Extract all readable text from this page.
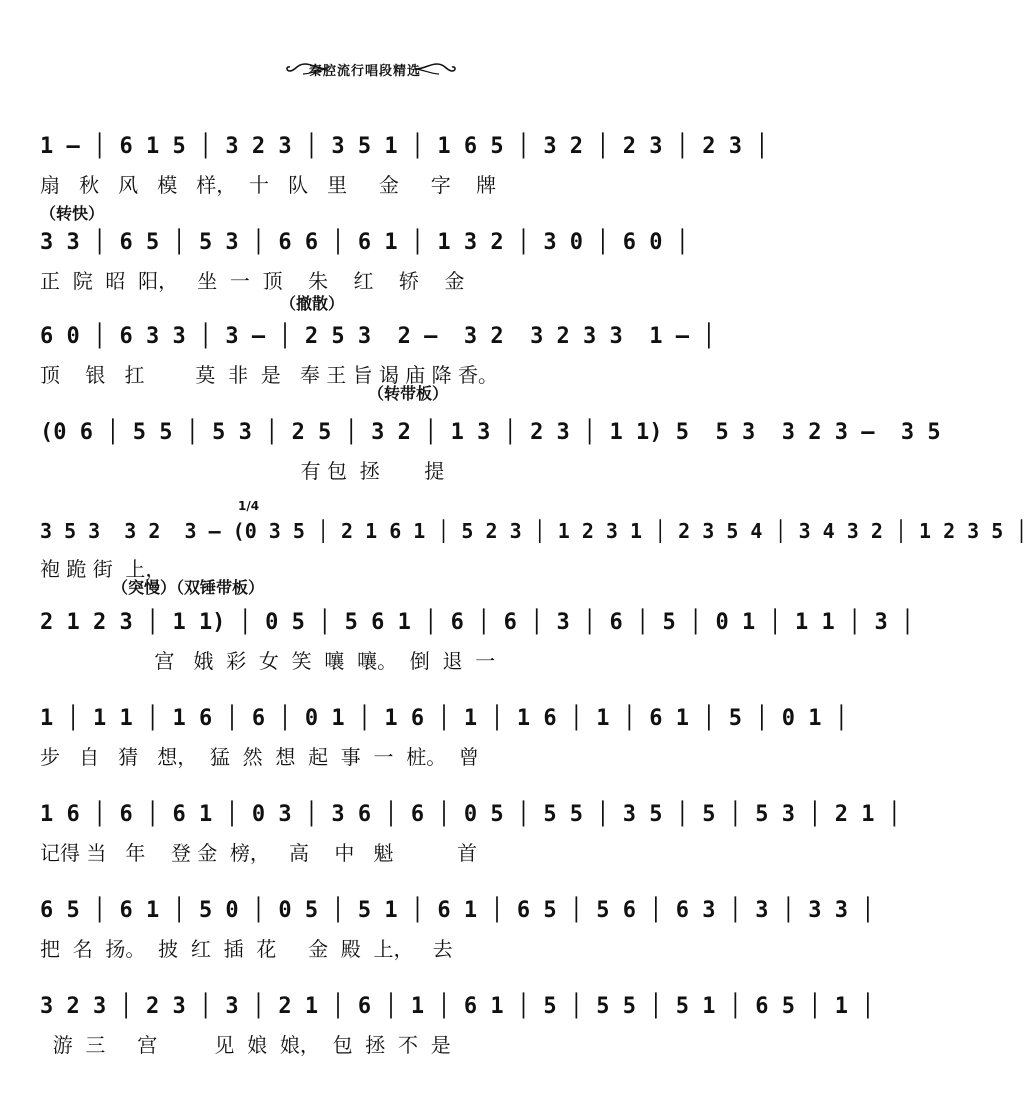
秦腔流行唱段精选
1 – │ 6 1 5 │ 3 2 3 │ 3 5 1 │ 1 6 5 │ 3 2 │ 2 3 │ 2 3 │
扇   秋   风   模   样，  十   队   里     金     字    牌
（转快）
3 3 │ 6 5 │ 5 3 │ 6 6 │ 6 1 │ 1 3 2 │ 3 0 │ 6 0 │
正  院  昭  阳，   坐  一  顶    朱    红    轿    金
（撤散）
6 0 │ 6 3 3 │ 3 – │ 2 5 3  2 –  3 2  3 2 3 3  1 – │
顶    银   扛        莫  非  是   奉 王 旨 谒 庙 降 香。
（转带板）
(0 6 │ 5 5 │ 5 3 │ 2 5 │ 3 2 │ 1 3 │ 2 3 │ 1 1) 5  5 3  3 2 3 –  3 5
有 包  拯       提
1/4
3 5 3  3 2  3 – (0 3 5 │ 2 1 6 1 │ 5 2 3 │ 1 2 3 1 │ 2 3 5 4 │ 3 4 3 2 │ 1 2 3 5 │
袍 跪 街  上，
（突慢）（双锤带板）
2 1 2 3 │ 1 1) │ 0 5 │ 5 6 1 │ 6 │ 6 │ 3 │ 6 │ 5 │ 0 1 │ 1 1 │ 3 │
宫   娥  彩  女  笑  嚷  嚷。  倒  退  一
1 │ 1 1 │ 1 6 │ 6 │ 0 1 │ 1 6 │ 1 │ 1 6 │ 1 │ 6 1 │ 5 │ 0 1 │
步   自   猜   想，  猛  然  想  起  事  一  桩。  曾
1 6 │ 6 │ 6 1 │ 0 3 │ 3 6 │ 6 │ 0 5 │ 5 5 │ 3 5 │ 5 │ 5 3 │ 2 1 │
记得 当   年    登 金  榜，   高    中   魁          首
6 5 │ 6 1 │ 5 0 │ 0 5 │ 5 1 │ 6 1 │ 6 5 │ 5 6 │ 6 3 │ 3 │ 3 3 │
把  名  扬。  披  红  插  花     金  殿  上，   去
3 2 3 │ 2 3 │ 3 │ 2 1 │ 6 │ 1 │ 6 1 │ 5 │ 5 5 │ 5 1 │ 6 5 │ 1 │
游  三     宫         见  娘  娘，  包  拯  不  是
